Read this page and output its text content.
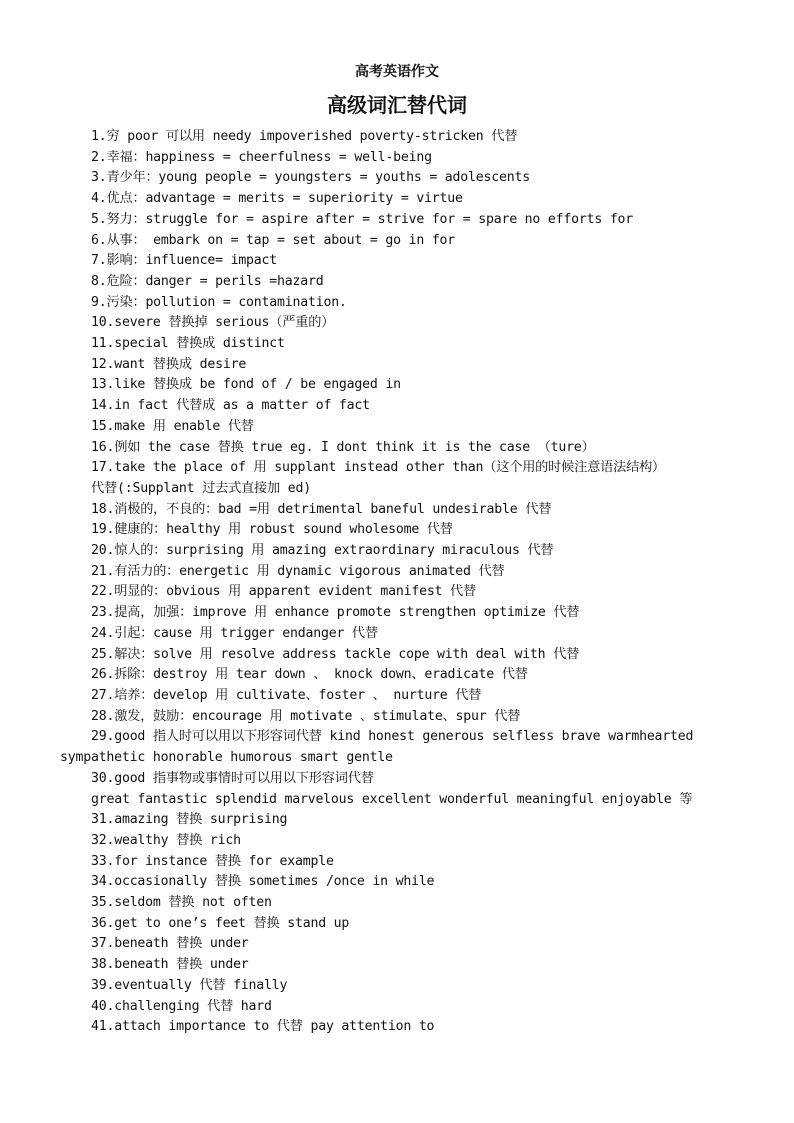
高考英语作文
高级词汇替代词
1.穷 poor 可以用 needy impoverished poverty-stricken 代替
2.幸福：happiness = cheerfulness = well-being
3.青少年：young people = youngsters = youths = adolescents
4.优点：advantage = merits = superiority = virtue
5.努力：struggle for = aspire after = strive for = spare no efforts for
6.从事： embark on = tap = set about = go in for
7.影响：influence= impact
8.危险：danger = perils =hazard
9.污染：pollution = contamination.
10.severe 替换掉 serious（严重的）
11.special 替换成 distinct
12.want 替换成 desire
13.like 替换成 be fond of / be engaged in
14.in fact 代替成 as a matter of fact
15.make 用 enable 代替
16.例如 the case 替换 true eg. I dont think it is the case （ture）
17.take the place of 用 supplant instead other than（这个用的时候注意语法结构）
代替(:Supplant 过去式直接加 ed)
18.消极的，不良的：bad =用 detrimental baneful undesirable 代替
19.健康的：healthy 用 robust sound wholesome 代替
20.惊人的：surprising 用 amazing extraordinary miraculous 代替
21.有活力的：energetic 用 dynamic vigorous animated 代替
22.明显的：obvious 用 apparent evident manifest 代替
23.提高，加强：improve 用 enhance promote strengthen optimize 代替
24.引起：cause 用 trigger endanger 代替
25.解决：solve 用 resolve address tackle cope with deal with 代替
26.拆除：destroy 用 tear down 、 knock down、eradicate 代替
27.培养：develop 用 cultivate、foster 、 nurture 代替
28.激发，鼓励：encourage 用 motivate 、stimulate、spur 代替
29.good 指人时可以用以下形容词代替 kind honest generous selfless brave warmhearted
sympathetic honorable humorous smart gentle
30.good 指事物或事情时可以用以下形容词代替
great fantastic splendid marvelous excellent wonderful meaningful enjoyable 等
31.amazing 替换 surprising
32.wealthy 替换 rich
33.for instance 替换 for example
34.occasionally 替换 sometimes /once in while
35.seldom 替换 not often
36.get to one’s feet 替换 stand up
37.beneath 替换 under
38.beneath 替换 under
39.eventually 代替 finally
40.challenging 代替 hard
41.attach importance to 代替 pay attention to
